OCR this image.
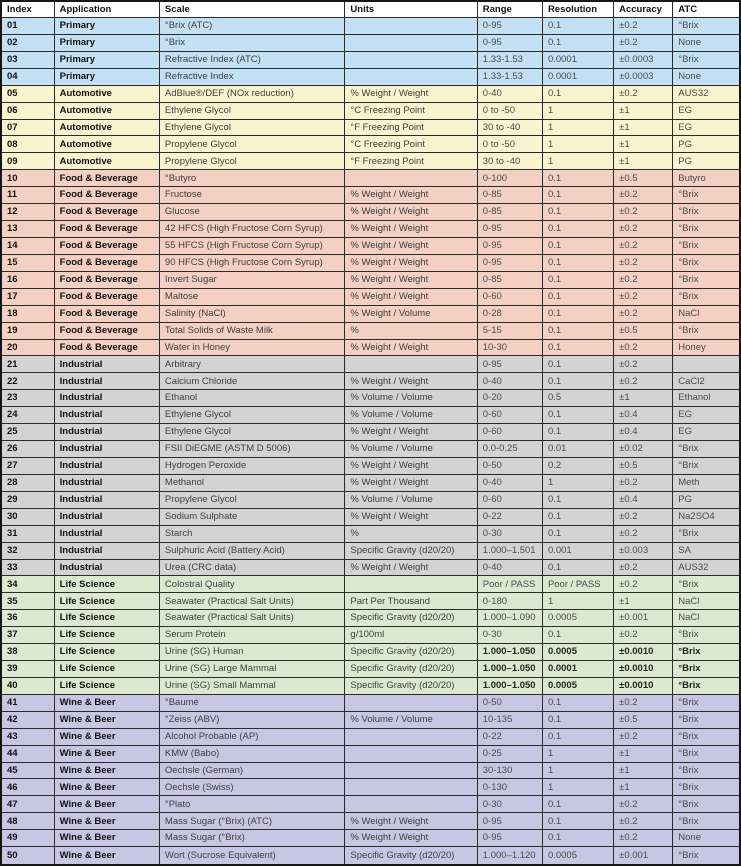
Index	Application	Scale	Units	Range	Resolution	Accuracy	ATC
01	Primary	°Brix (ATC)		0-95	0.1	±0.2	°Brix
02	Primary	°Brix		0-95	0.1	±0.2	None
03	Primary	Refractive Index (ATC)		1.33-1.53	0.0001	±0.0003	°Brix
04	Primary	Refractive Index		1.33-1.53	0.0001	±0.0003	None
05	Automotive	AdBlue®/DEF (NOx reduction)	% Weight / Weight	0-40	0.1	±0.2	AUS32
06	Automotive	Ethylene Glycol	°C Freezing Point	0 to -50	1	±1	EG
07	Automotive	Ethylene Glycol	°F Freezing Point	30 to -40	1	±1	EG
08	Automotive	Propylene Glycol	°C Freezing Point	0 to -50	1	±1	PG
09	Automotive	Propylene Glycol	°F Freezing Point	30 to -40	1	±1	PG
10	Food & Beverage	°Butyro		0-100	0.1	±0.5	Butyro
11	Food & Beverage	Fructose	% Weight / Weight	0-85	0.1	±0.2	°Brix
12	Food & Beverage	Glucose	% Weight / Weight	0-85	0.1	±0.2	°Brix
13	Food & Beverage	42 HFCS (High Fructose Corn Syrup)	% Weight / Weight	0-95	0.1	±0.2	°Brix
14	Food & Beverage	55 HFCS (High Fructose Corn Syrup)	% Weight / Weight	0-95	0.1	±0.2	°Brix
15	Food & Beverage	90 HFCS (High Fructose Corn Syrup)	% Weight / Weight	0-95	0.1	±0.2	°Brix
16	Food & Beverage	Invert Sugar	% Weight / Weight	0-85	0.1	±0.2	°Brix
17	Food & Beverage	Maltose	% Weight / Weight	0-60	0.1	±0.2	°Brix
18	Food & Beverage	Salinity (NaCl)	% Weight / Volume	0-28	0.1	±0.2	NaCl
19	Food & Beverage	Total Solids of Waste Milk	%	5-15	0.1	±0.5	°Brix
20	Food & Beverage	Water in Honey	% Weight / Weight	10-30	0.1	±0.2	Honey
21	Industrial	Arbitrary		0-95	0.1	±0.2	
22	Industrial	Calcium Chloride	% Weight / Weight	0-40	0.1	±0.2	CaCl2
23	Industrial	Ethanol	% Volume / Volume	0-20	0.5	±1	Ethanol
24	Industrial	Ethylene Glycol	% Volume / Volume	0-60	0.1	±0.4	EG
25	Industrial	Ethylene Glycol	% Weight / Weight	0-60	0.1	±0.4	EG
26	Industrial	FSII DiEGME (ASTM D 5006)	% Volume / Volume	0.0-0.25	0.01	±0.02	°Brix
27	Industrial	Hydrogen Peroxide	% Weight / Weight	0-50	0.2	±0.5	°Brix
28	Industrial	Methanol	% Weight / Weight	0-40	1	±0.2	Meth
29	Industrial	Propylene Glycol	% Volume / Volume	0-60	0.1	±0.4	PG
30	Industrial	Sodium Sulphate	% Weight / Weight	0-22	0.1	±0.2	Na2SO4
31	Industrial	Starch	%	0-30	0.1	±0.2	°Brix
32	Industrial	Sulphuric Acid (Battery Acid)	Specific Gravity (d20/20)	1.000–1.501	0.001	±0.003	SA
33	Industrial	Urea (CRC data)	% Weight / Weight	0-40	0.1	±0.2	AUS32
34	Life Science	Colostral Quality		Poor / PASS	Poor / PASS	±0.2	°Brix
35	Life Science	Seawater (Practical Salt Units)	Part Per Thousand	0-180	1	±1	NaCl
36	Life Science	Seawater (Practical Salt Units)	Specific Gravity (d20/20)	1.000–1.090	0.0005	±0.001	NaCl
37	Life Science	Serum Protein	g/100ml	0-30	0.1	±0.2	°Brix
38	Life Science	Urine (SG) Human	Specific Gravity (d20/20)	1.000–1.050	0.0005	±0.0010	°Brix
39	Life Science	Urine (SG) Large Mammal	Specific Gravity (d20/20)	1.000–1.050	0.0001	±0.0010	°Brix
40	Life Science	Urine (SG) Small Mammal	Specific Gravity (d20/20)	1.000–1.050	0.0005	±0.0010	°Brix
41	Wine & Beer	°Baumé		0-50	0.1	±0.2	°Brix
42	Wine & Beer	°Zeiss (ABV)	% Volume / Volume	10-135	0.1	±0.5	°Brix
43	Wine & Beer	Alcohol Probable (AP)		0-22	0.1	±0.2	°Brix
44	Wine & Beer	KMW (Babo)		0-25	1	±1	°Brix
45	Wine & Beer	Oechsle (German)		30-130	1	±1	°Brix
46	Wine & Beer	Oechsle (Swiss)		0-130	1	±1	°Brix
47	Wine & Beer	°Plato		0-30	0.1	±0.2	°Brix
48	Wine & Beer	Mass Sugar (°Brix) (ATC)	% Weight / Weight	0-95	0.1	±0.2	°Brix
49	Wine & Beer	Mass Sugar (°Brix)	% Weight / Weight	0-95	0.1	±0.2	None
50	Wine & Beer	Wort (Sucrose Equivalent)	Specific Gravity (d20/20)	1.000–1.120	0.0005	±0.001	°Brix
